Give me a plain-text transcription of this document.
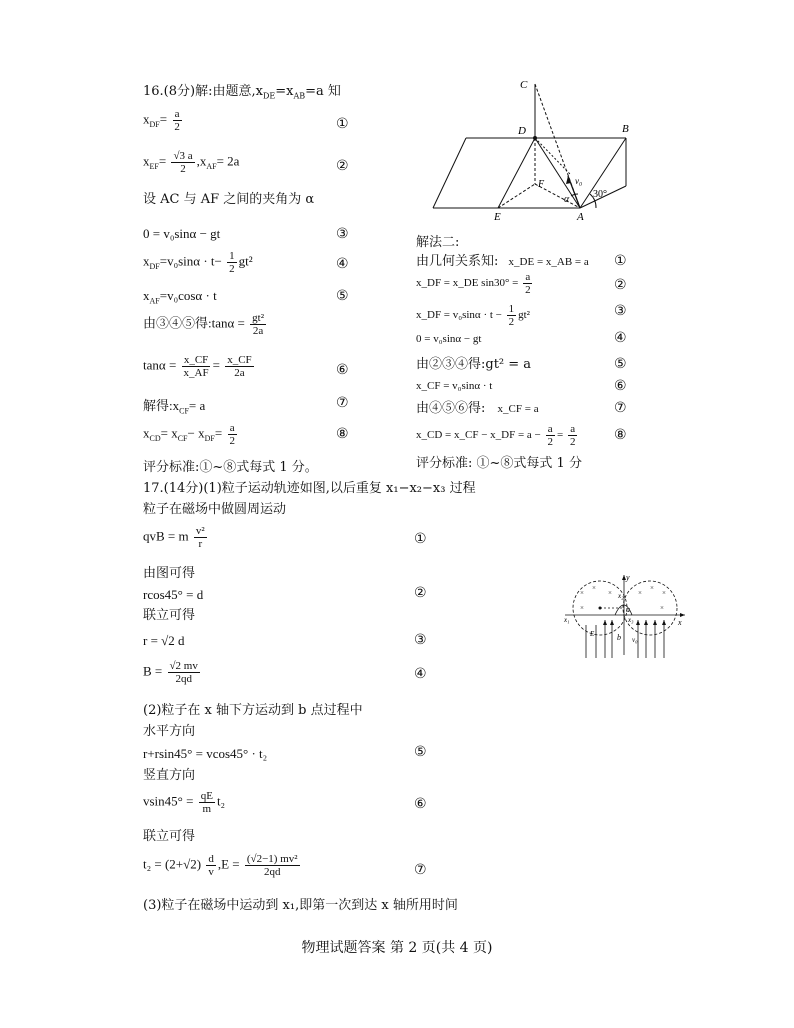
16.(8分)解:由题意$,x_{DE}=x_{AB}=a$ 知
$x_{DF}= \frac{a}{2}$	①
$x_{EF}= \frac{√3 a}{2} ,x_{AF}= 2a$	②
设 AC 与 AF 之间的夹角为 α
0 = v₀sinα − gt	③
$x_{DF}=v_0\sin\alpha \cdot t- \frac{1}{2} gt^2$	④
$x_{AF}=v_0\cos\alpha \cdot t$	⑤
由③④⑤得:tanα = $\frac{\text{gt²}}{2a}$
$\tan\alpha = \frac{x\_CF}{x\_AF} = \frac{x\_CF}{2a}$	⑥
解得$:x_{CF}= a$	⑦
$x_{CD}= x_{CF}- x_{DF}= \frac{a}{2}$	⑧
评分标准:①~⑧式每式 1 分。
C
D	B
F
E	A
v₀
α 30°
解法二:
由几何关系知: x_DE = x_AB = a ①
x_DF = x_DE $\sin 30^\circ = \frac{a}{2}$	②
x_DF = $v_0\sin\alpha \cdot t - \frac{1}{2} gt^2$	③
0 = v₀sinα − gt	④
由②③④得:gt² = a	⑤
x_CF = v₀sinα · t	⑥
由④⑤⑥得: x_CF = a	⑦
x_CD = x_CF − x_DF = $a - \frac{a}{2} = \frac{a}{2}$	⑧
评分标准: ①~⑧式每式 1 分
17.(14分)(1)粒子运动轨迹如图,以后重复 x₁−x₂−x₃ 过程
粒子在磁场中做圆周运动
qvB = m $\frac{\text{v²}}{r}$	①
由图可得
rcos45° = d	②
联立可得
r = √2 d	③
$B = \frac{√2 mv}{2qd}$	④
(2)粒子在 x 轴下方运动到 b 点过程中
水平方向
r+rsin45° = vcos45° · t₂	⑤
竖直方向
$vsin45^\circ = \frac{qE}{m} t_2$	⑥
联立可得
$t_2 = (2+√2) \frac{d}{v} ,E = \frac{\text{(√2−1) mv²}}{2qd}$	⑦
(3)粒子在磁场中运动到 x₁,即第一次到达 x 轴所用时间
×
×
×	×
×
×
×	×
y
x
a
b
x₁
x₂
x₃
v₀
E
物理试题答案 第 2 页(共 4 页)
